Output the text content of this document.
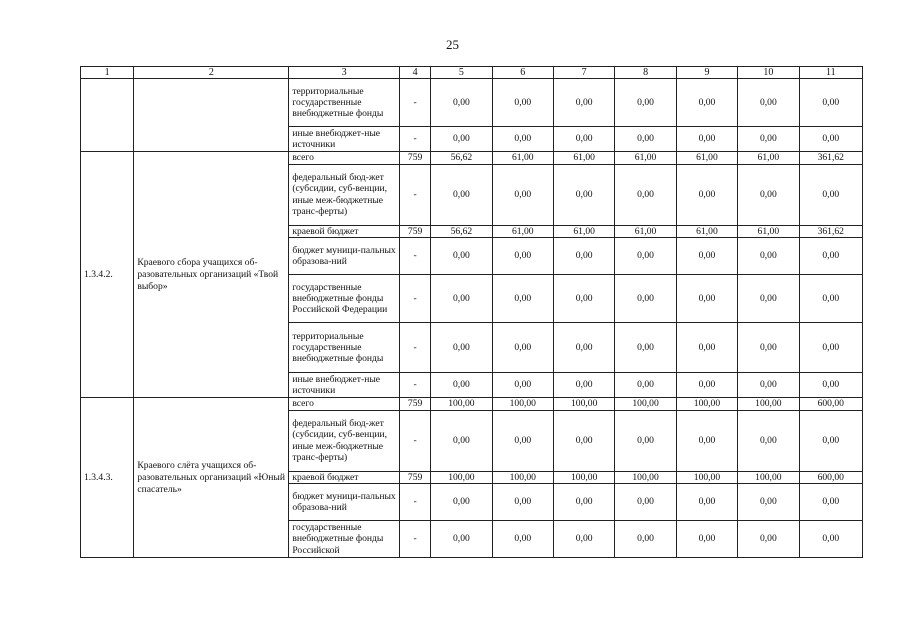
25
1	2	3	4	5	6	7	8	9	10	11
		территориальные государственные внебюджетные фонды	-	0,00	0,00	0,00	0,00	0,00	0,00	0,00
		иные внебюджет-ные источники	-	0,00	0,00	0,00	0,00	0,00	0,00	0,00
1.3.4.2.	Краевого сбора учащихся об-разовательных организаций «Твой выбор»	всего	759	56,62	61,00	61,00	61,00	61,00	61,00	361,62
		федеральный бюд-жет (субсидии, суб-венции, иные меж-бюджетные транс-ферты)	-	0,00	0,00	0,00	0,00	0,00	0,00	0,00
		краевой бюджет	759	56,62	61,00	61,00	61,00	61,00	61,00	361,62
		бюджет муници-пальных образова-ний	-	0,00	0,00	0,00	0,00	0,00	0,00	0,00
		государственные внебюджетные фонды Российской Федерации	-	0,00	0,00	0,00	0,00	0,00	0,00	0,00
		территориальные государственные внебюджетные фонды	-	0,00	0,00	0,00	0,00	0,00	0,00	0,00
		иные внебюджет-ные источники	-	0,00	0,00	0,00	0,00	0,00	0,00	0,00
1.3.4.3.	Краевого слёта учащихся об-разовательных организаций «Юный спасатель»	всего	759	100,00	100,00	100,00	100,00	100,00	100,00	600,00
		федеральный бюд-жет (субсидии, суб-венции, иные меж-бюджетные транс-ферты)	-	0,00	0,00	0,00	0,00	0,00	0,00	0,00
		краевой бюджет	759	100,00	100,00	100,00	100,00	100,00	100,00	600,00
		бюджет муници-пальных образова-ний	-	0,00	0,00	0,00	0,00	0,00	0,00	0,00
		государственные внебюджетные фонды Российской	-	0,00	0,00	0,00	0,00	0,00	0,00	0,00
